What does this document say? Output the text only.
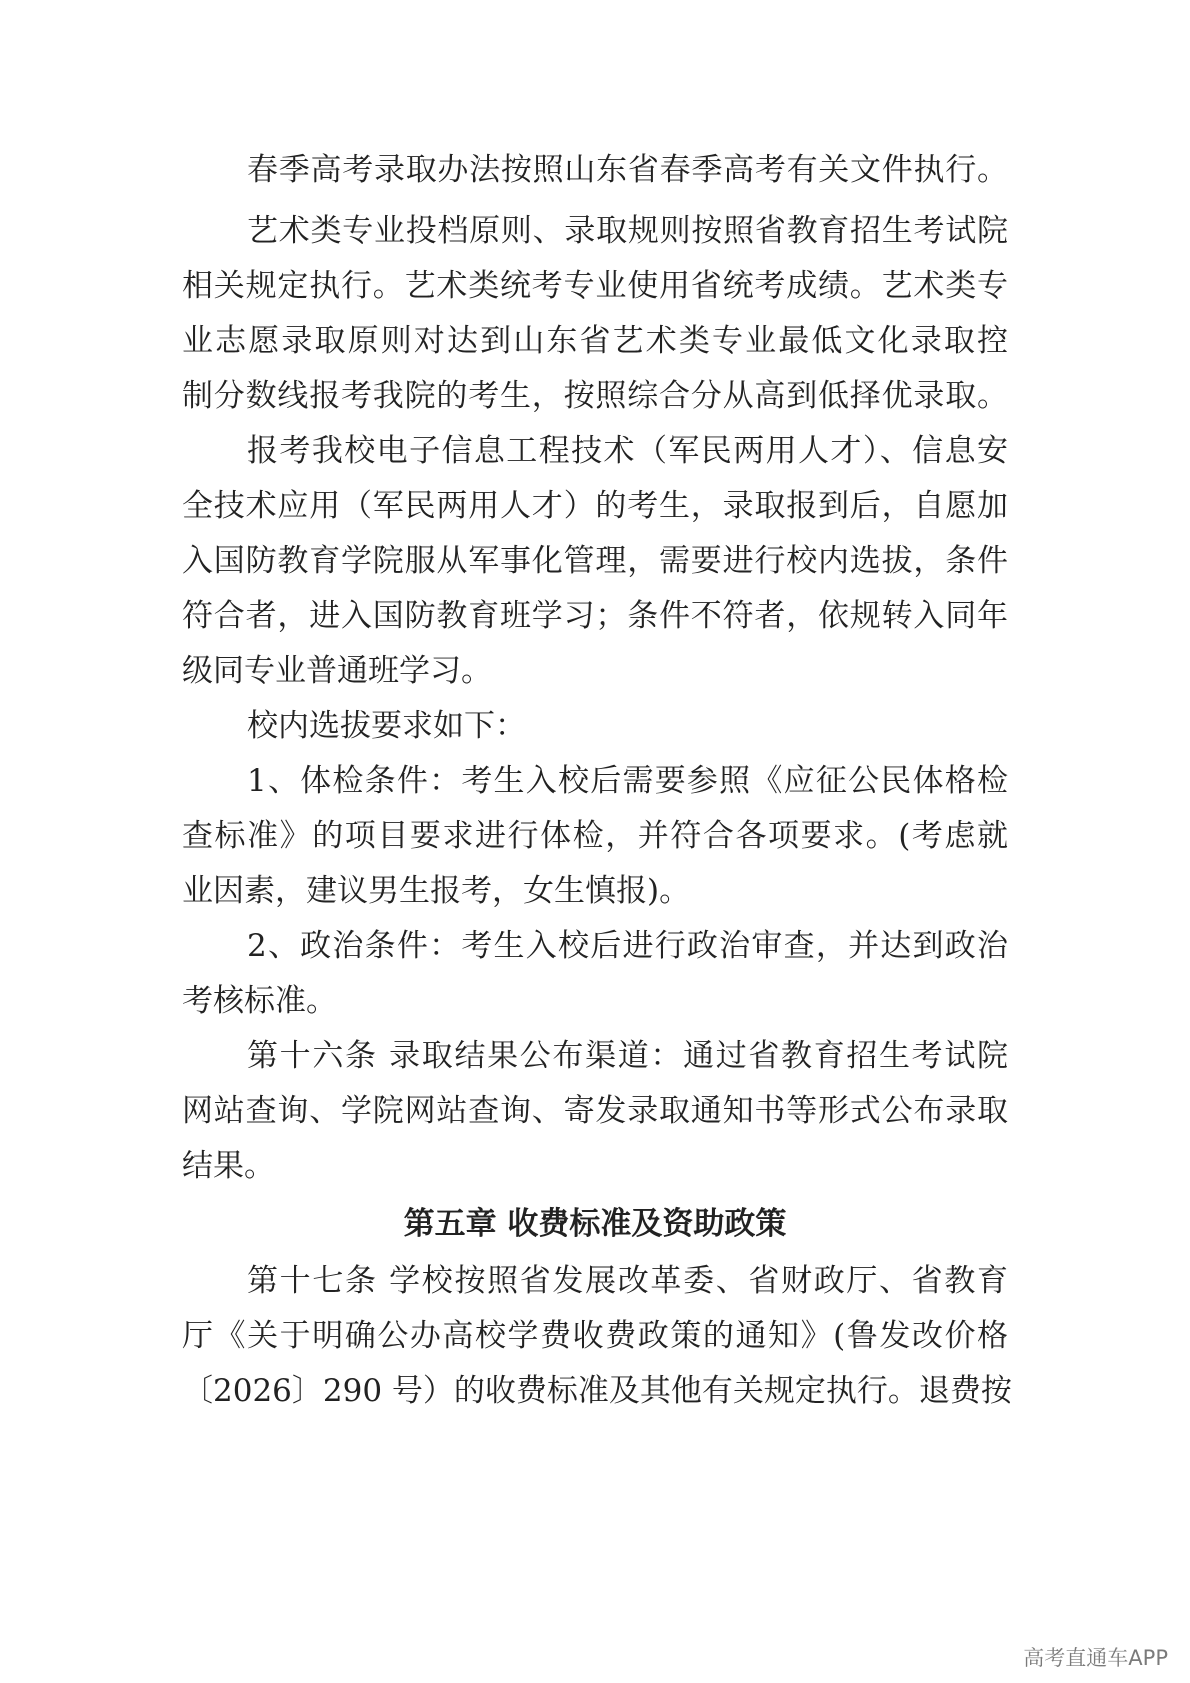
春季高考录取办法按照山东省春季高考有关文件执行。
艺术类专业投档原则、录取规则按照省教育招生考试院
相关规定执行。艺术类统考专业使用省统考成绩。艺术类专
业志愿录取原则对达到山东省艺术类专业最低文化录取控
制分数线报考我院的考生，按照综合分从高到低择优录取。
报考我校电子信息工程技术（军民两用人才）、信息安
全技术应用（军民两用人才）的考生，录取报到后，自愿加
入国防教育学院服从军事化管理，需要进行校内选拔，条件
符合者，进入国防教育班学习；条件不符者，依规转入同年
级同专业普通班学习。
校内选拔要求如下：
1、体检条件：考生入校后需要参照《应征公民体格检
查标准》的项目要求进行体检，并符合各项要求。(考虑就
业因素，建议男生报考，女生慎报)。
2、政治条件：考生入校后进行政治审查，并达到政治
考核标准。
第十六条 录取结果公布渠道：通过省教育招生考试院
网站查询、学院网站查询、寄发录取通知书等形式公布录取
结果。
第五章 收费标准及资助政策
第十七条 学校按照省发展改革委、省财政厅、省教育
厅《关于明确公办高校学费收费政策的通知》(鲁发改价格
〔2026〕290 号）的收费标准及其他有关规定执行。退费按
高考直通车APP
